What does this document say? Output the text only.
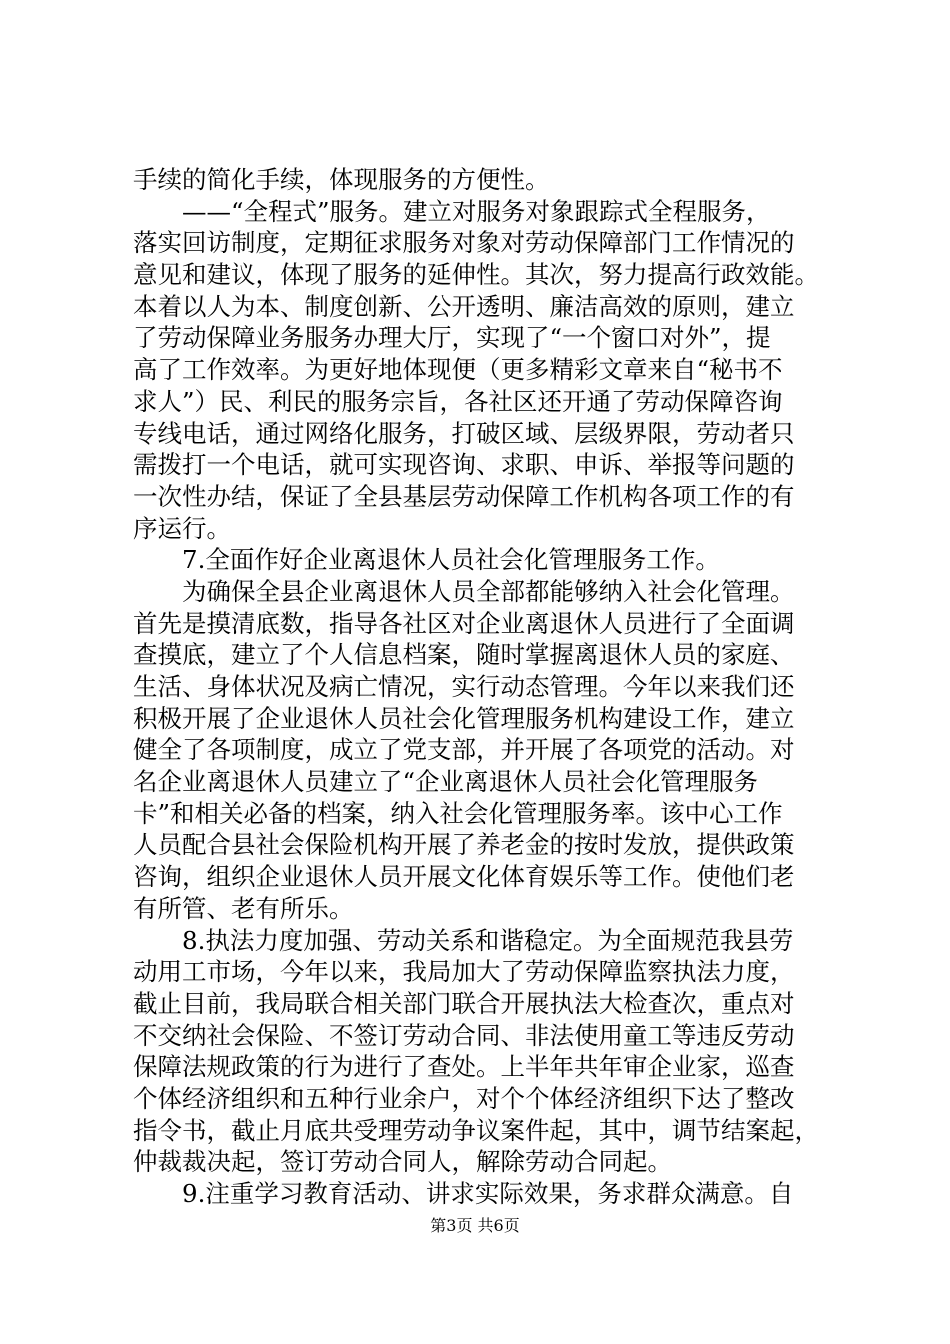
手续的简化手续，体现服务的方便性。
——“全程式”服务。建立对服务对象跟踪式全程服务，
落实回访制度，定期征求服务对象对劳动保障部门工作情况的
意见和建议，体现了服务的延伸性。其次，努力提高行政效能。
本着以人为本、制度创新、公开透明、廉洁高效的原则，建立
了劳动保障业务服务办理大厅，实现了“一个窗口对外”，提
高了工作效率。为更好地体现便（更多精彩文章来自“秘书不
求人”）民、利民的服务宗旨，各社区还开通了劳动保障咨询
专线电话，通过网络化服务，打破区域、层级界限，劳动者只
需拨打一个电话，就可实现咨询、求职、申诉、举报等问题的
一次性办结，保证了全县基层劳动保障工作机构各项工作的有
序运行。
7.全面作好企业离退休人员社会化管理服务工作。
为确保全县企业离退休人员全部都能够纳入社会化管理。
首先是摸清底数，指导各社区对企业离退休人员进行了全面调
查摸底，建立了个人信息档案，随时掌握离退休人员的家庭、
生活、身体状况及病亡情况，实行动态管理。今年以来我们还
积极开展了企业退休人员社会化管理服务机构建设工作，建立
健全了各项制度，成立了党支部，并开展了各项党的活动。对
名企业离退休人员建立了“企业离退休人员社会化管理服务
卡”和相关必备的档案，纳入社会化管理服务率。该中心工作
人员配合县社会保险机构开展了养老金的按时发放，提供政策
咨询，组织企业退休人员开展文化体育娱乐等工作。使他们老
有所管、老有所乐。
8.执法力度加强、劳动关系和谐稳定。为全面规范我县劳
动用工市场，今年以来，我局加大了劳动保障监察执法力度，
截止目前，我局联合相关部门联合开展执法大检查次，重点对
不交纳社会保险、不签订劳动合同、非法使用童工等违反劳动
保障法规政策的行为进行了查处。上半年共年审企业家，巡查
个体经济组织和五种行业余户，对个个体经济组织下达了整改
指令书，截止月底共受理劳动争议案件起，其中，调节结案起，
仲裁裁决起，签订劳动合同人，解除劳动合同起。
9.注重学习教育活动、讲求实际效果，务求群众满意。自
第3页 共6页
